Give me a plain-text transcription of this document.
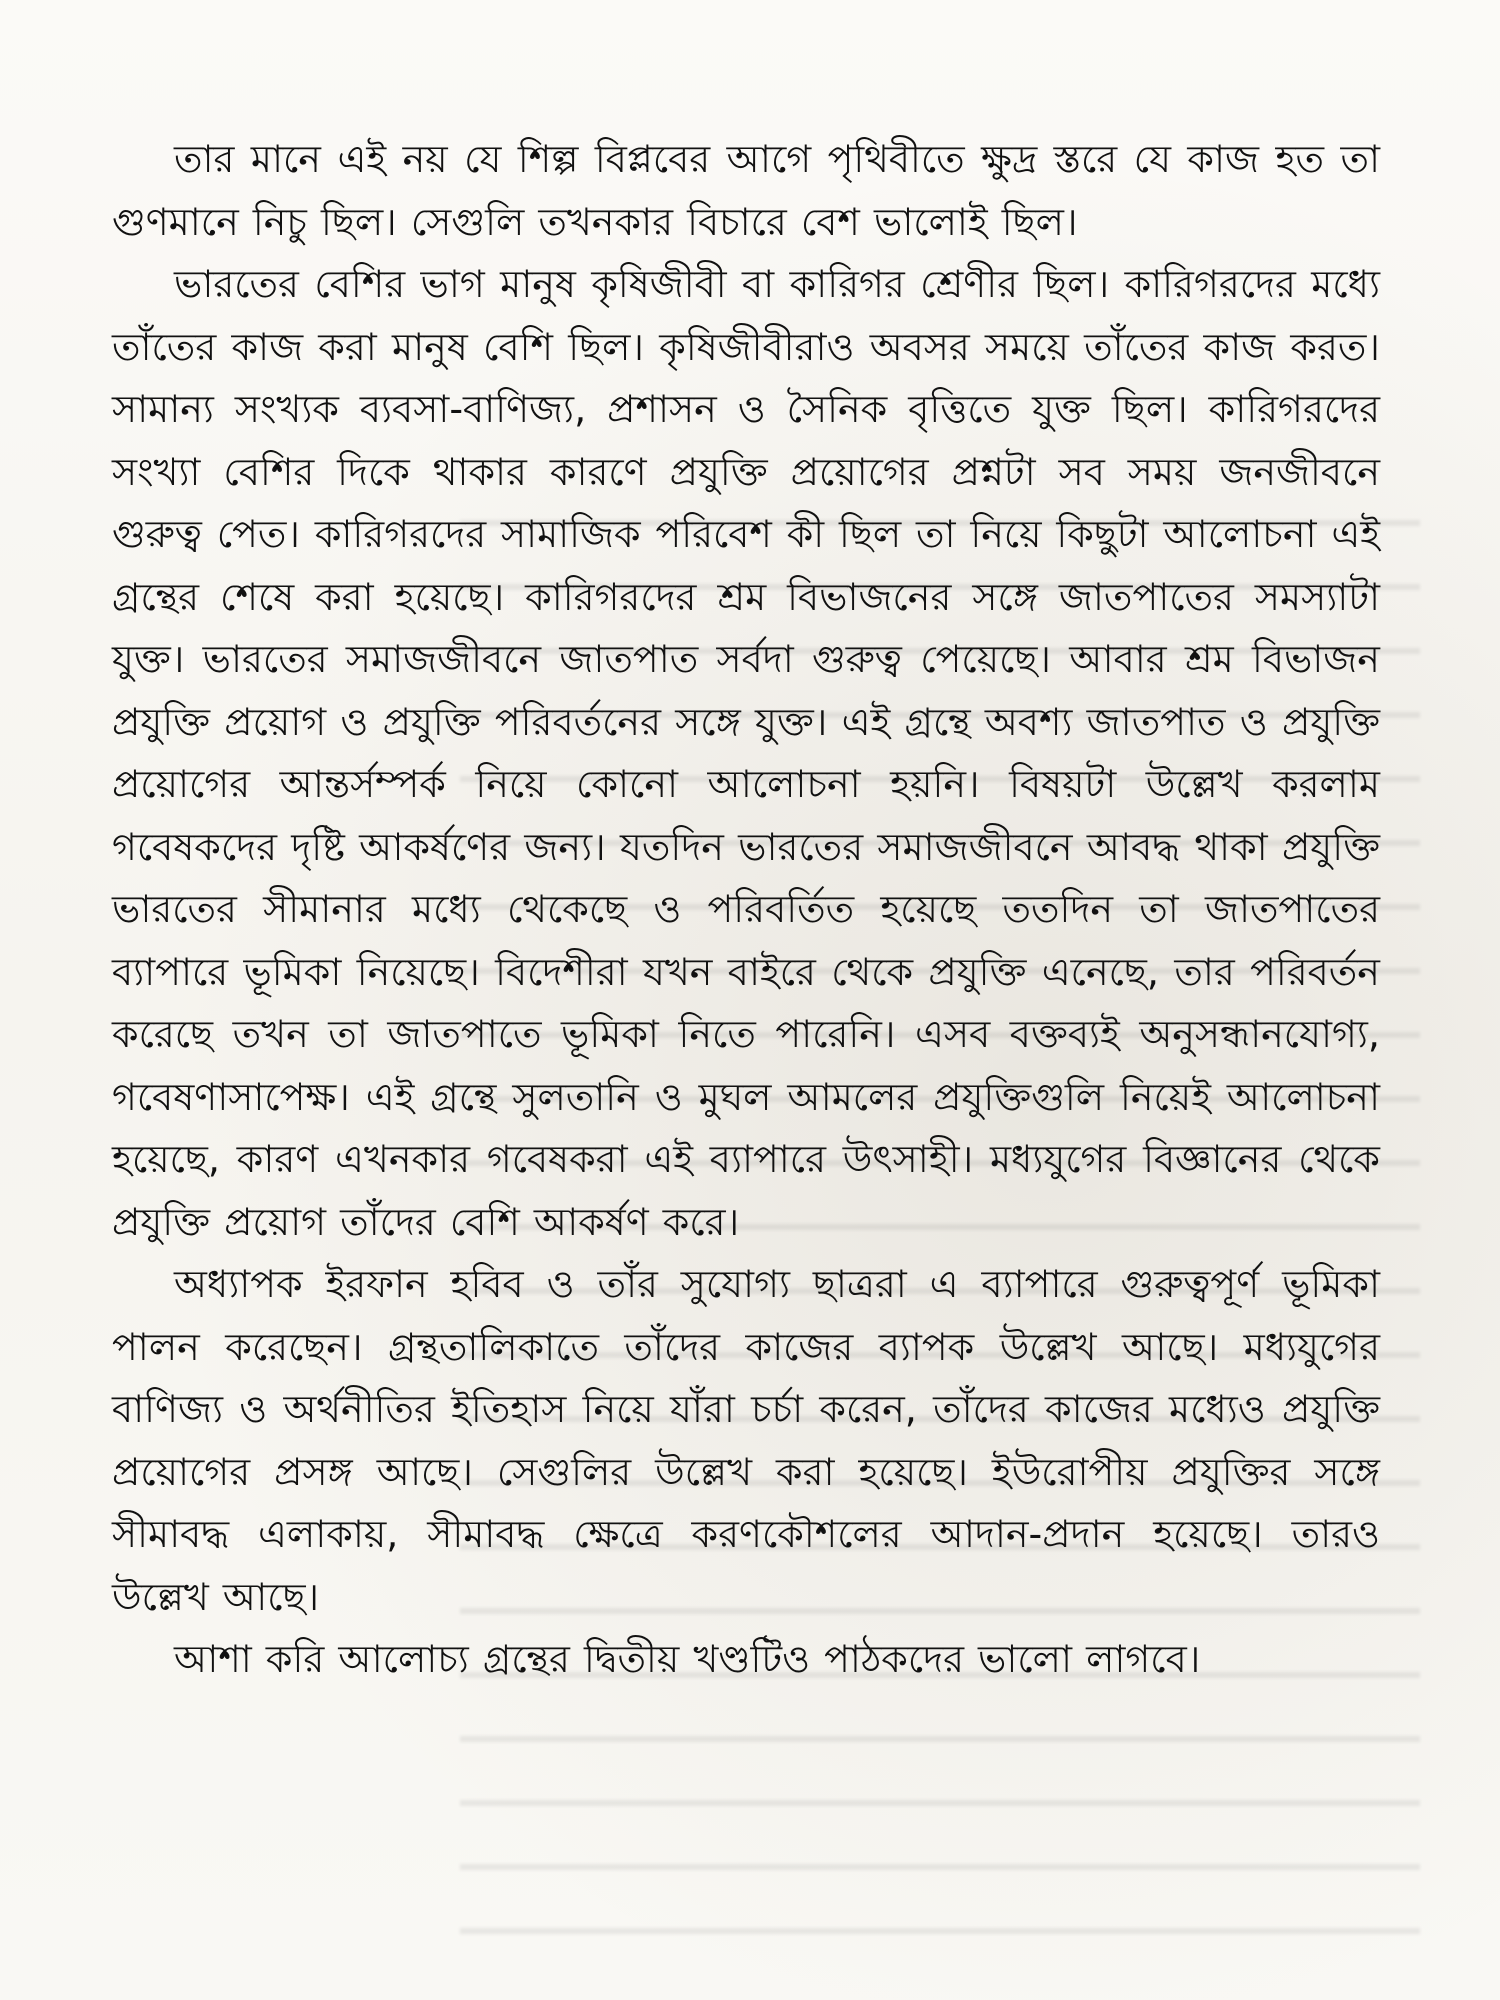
তার মানে এই নয় যে শিল্প বিপ্লবের আগে পৃথিবীতে ক্ষুদ্র স্তরে যে কাজ হত তা গুণমানে নিচু ছিল। সেগুলি তখনকার বিচারে বেশ ভালোই ছিল।

ভারতের বেশির ভাগ মানুষ কৃষিজীবী বা কারিগর শ্রেণীর ছিল। কারিগরদের মধ্যে তাঁতের কাজ করা মানুষ বেশি ছিল। কৃষিজীবীরাও অবসর সময়ে তাঁতের কাজ করত। সামান্য সংখ্যক ব্যবসা-বাণিজ্য, প্রশাসন ও সৈনিক বৃত্তিতে যুক্ত ছিল। কারিগরদের সংখ্যা বেশির দিকে থাকার কারণে প্রযুক্তি প্রয়োগের প্রশ্নটা সব সময় জনজীবনে গুরুত্ব পেত। কারিগরদের সামাজিক পরিবেশ কী ছিল তা নিয়ে কিছুটা আলোচনা এই গ্রন্থের শেষে করা হয়েছে। কারিগরদের শ্রম বিভাজনের সঙ্গে জাতপাতের সমস্যাটা যুক্ত। ভারতের সমাজজীবনে জাতপাত সর্বদা গুরুত্ব পেয়েছে। আবার শ্রম বিভাজন প্রযুক্তি প্রয়োগ ও প্রযুক্তি পরিবর্তনের সঙ্গে যুক্ত। এই গ্রন্থে অবশ্য জাতপাত ও প্রযুক্তি প্রয়োগের আন্তর্সম্পর্ক নিয়ে কোনো আলোচনা হয়নি। বিষয়টা উল্লেখ করলাম গবেষকদের দৃষ্টি আকর্ষণের জন্য। যতদিন ভারতের সমাজজীবনে আবদ্ধ থাকা প্রযুক্তি ভারতের সীমানার মধ্যে থেকেছে ও পরিবর্তিত হয়েছে ততদিন তা জাতপাতের ব্যাপারে ভূমিকা নিয়েছে। বিদেশীরা যখন বাইরে থেকে প্রযুক্তি এনেছে, তার পরিবর্তন করেছে তখন তা জাতপাতে ভূমিকা নিতে পারেনি। এসব বক্তব্যই অনুসন্ধানযোগ্য, গবেষণাসাপেক্ষ। এই গ্রন্থে সুলতানি ও মুঘল আমলের প্রযুক্তিগুলি নিয়েই আলোচনা হয়েছে, কারণ এখনকার গবেষকরা এই ব্যাপারে উৎসাহী। মধ্যযুগের বিজ্ঞানের থেকে প্রযুক্তি প্রয়োগ তাঁদের বেশি আকর্ষণ করে।

অধ্যাপক ইরফান হবিব ও তাঁর সুযোগ্য ছাত্ররা এ ব্যাপারে গুরুত্বপূর্ণ ভূমিকা পালন করেছেন। গ্রন্থতালিকাতে তাঁদের কাজের ব্যাপক উল্লেখ আছে। মধ্যযুগের বাণিজ্য ও অর্থনীতির ইতিহাস নিয়ে যাঁরা চর্চা করেন, তাঁদের কাজের মধ্যেও প্রযুক্তি প্রয়োগের প্রসঙ্গ আছে। সেগুলির উল্লেখ করা হয়েছে। ইউরোপীয় প্রযুক্তির সঙ্গে সীমাবদ্ধ এলাকায়, সীমাবদ্ধ ক্ষেত্রে করণকৌশলের আদান-প্রদান হয়েছে। তারও উল্লেখ আছে।

আশা করি আলোচ্য গ্রন্থের দ্বিতীয় খণ্ডটিও পাঠকদের ভালো লাগবে।
